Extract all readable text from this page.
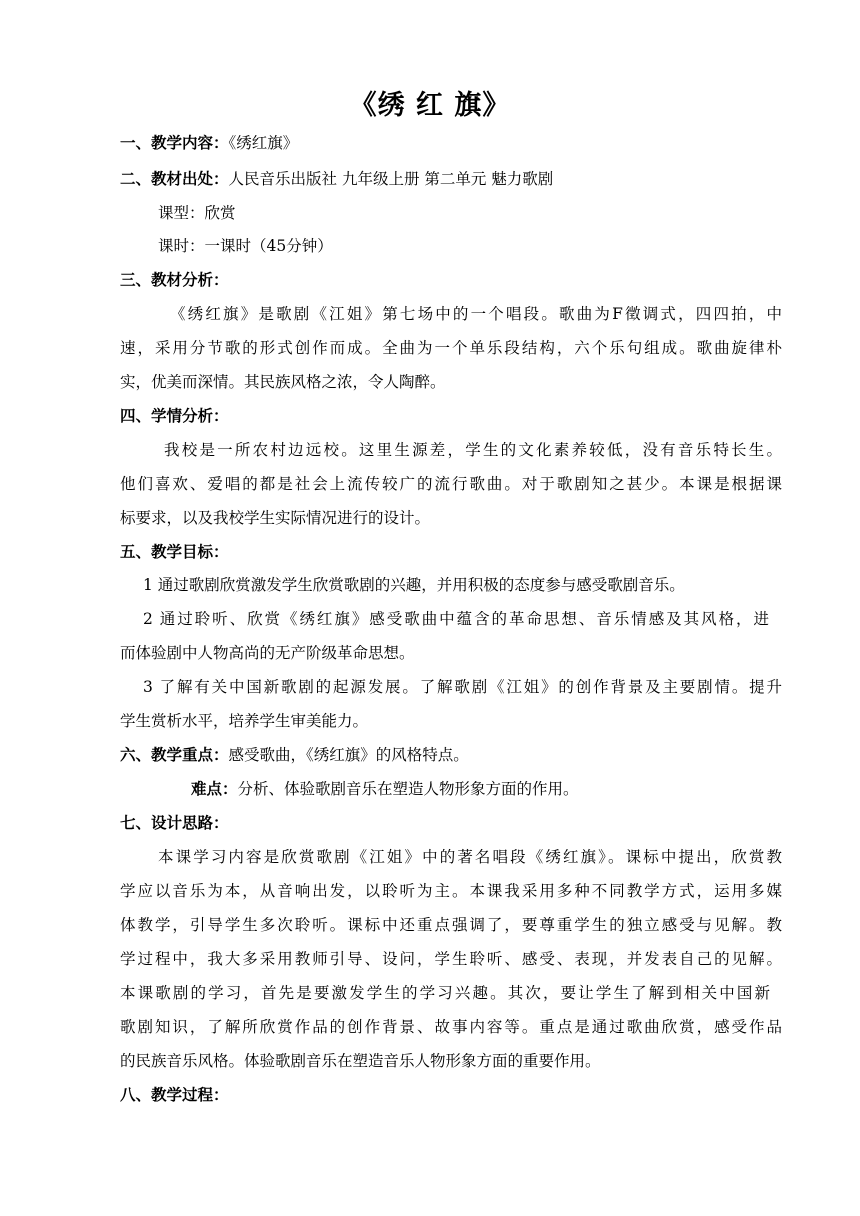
《绣 红 旗》
一、教学内容：《绣红旗》
二、教材出处：人民音乐出版社 九年级上册 第二单元 魅力歌剧
课型：欣赏
课时：一课时（45分钟）
三、教材分析：
《绣红旗》是歌剧《江姐》第七场中的一个唱段。歌曲为F徵调式，四四拍，中
速，采用分节歌的形式创作而成。全曲为一个单乐段结构，六个乐句组成。歌曲旋律朴
实，优美而深情。其民族风格之浓，令人陶醉。
四、学情分析：
我校是一所农村边远校。这里生源差，学生的文化素养较低，没有音乐特长生。
他们喜欢、爱唱的都是社会上流传较广的流行歌曲。对于歌剧知之甚少。本课是根据课
标要求，以及我校学生实际情况进行的设计。
五、教学目标：
1 通过歌剧欣赏激发学生欣赏歌剧的兴趣，并用积极的态度参与感受歌剧音乐。
2 通过聆听、欣赏《绣红旗》感受歌曲中蕴含的革命思想、音乐情感及其风格，进
而体验剧中人物高尚的无产阶级革命思想。
3 了解有关中国新歌剧的起源发展。了解歌剧《江姐》的创作背景及主要剧情。提升
学生赏析水平，培养学生审美能力。
六、教学重点：感受歌曲，《绣红旗》的风格特点。
难点：分析、体验歌剧音乐在塑造人物形象方面的作用。
七、设计思路：
本课学习内容是欣赏歌剧《江姐》中的著名唱段《绣红旗》。课标中提出，欣赏教
学应以音乐为本，从音响出发，以聆听为主。本课我采用多种不同教学方式，运用多媒
体教学，引导学生多次聆听。课标中还重点强调了，要尊重学生的独立感受与见解。教
学过程中，我大多采用教师引导、设问，学生聆听、感受、表现，并发表自己的见解。
本课歌剧的学习，首先是要激发学生的学习兴趣。其次，要让学生了解到相关中国新
歌剧知识，了解所欣赏作品的创作背景、故事内容等。重点是通过歌曲欣赏，感受作品
的民族音乐风格。体验歌剧音乐在塑造音乐人物形象方面的重要作用。
八、教学过程：
